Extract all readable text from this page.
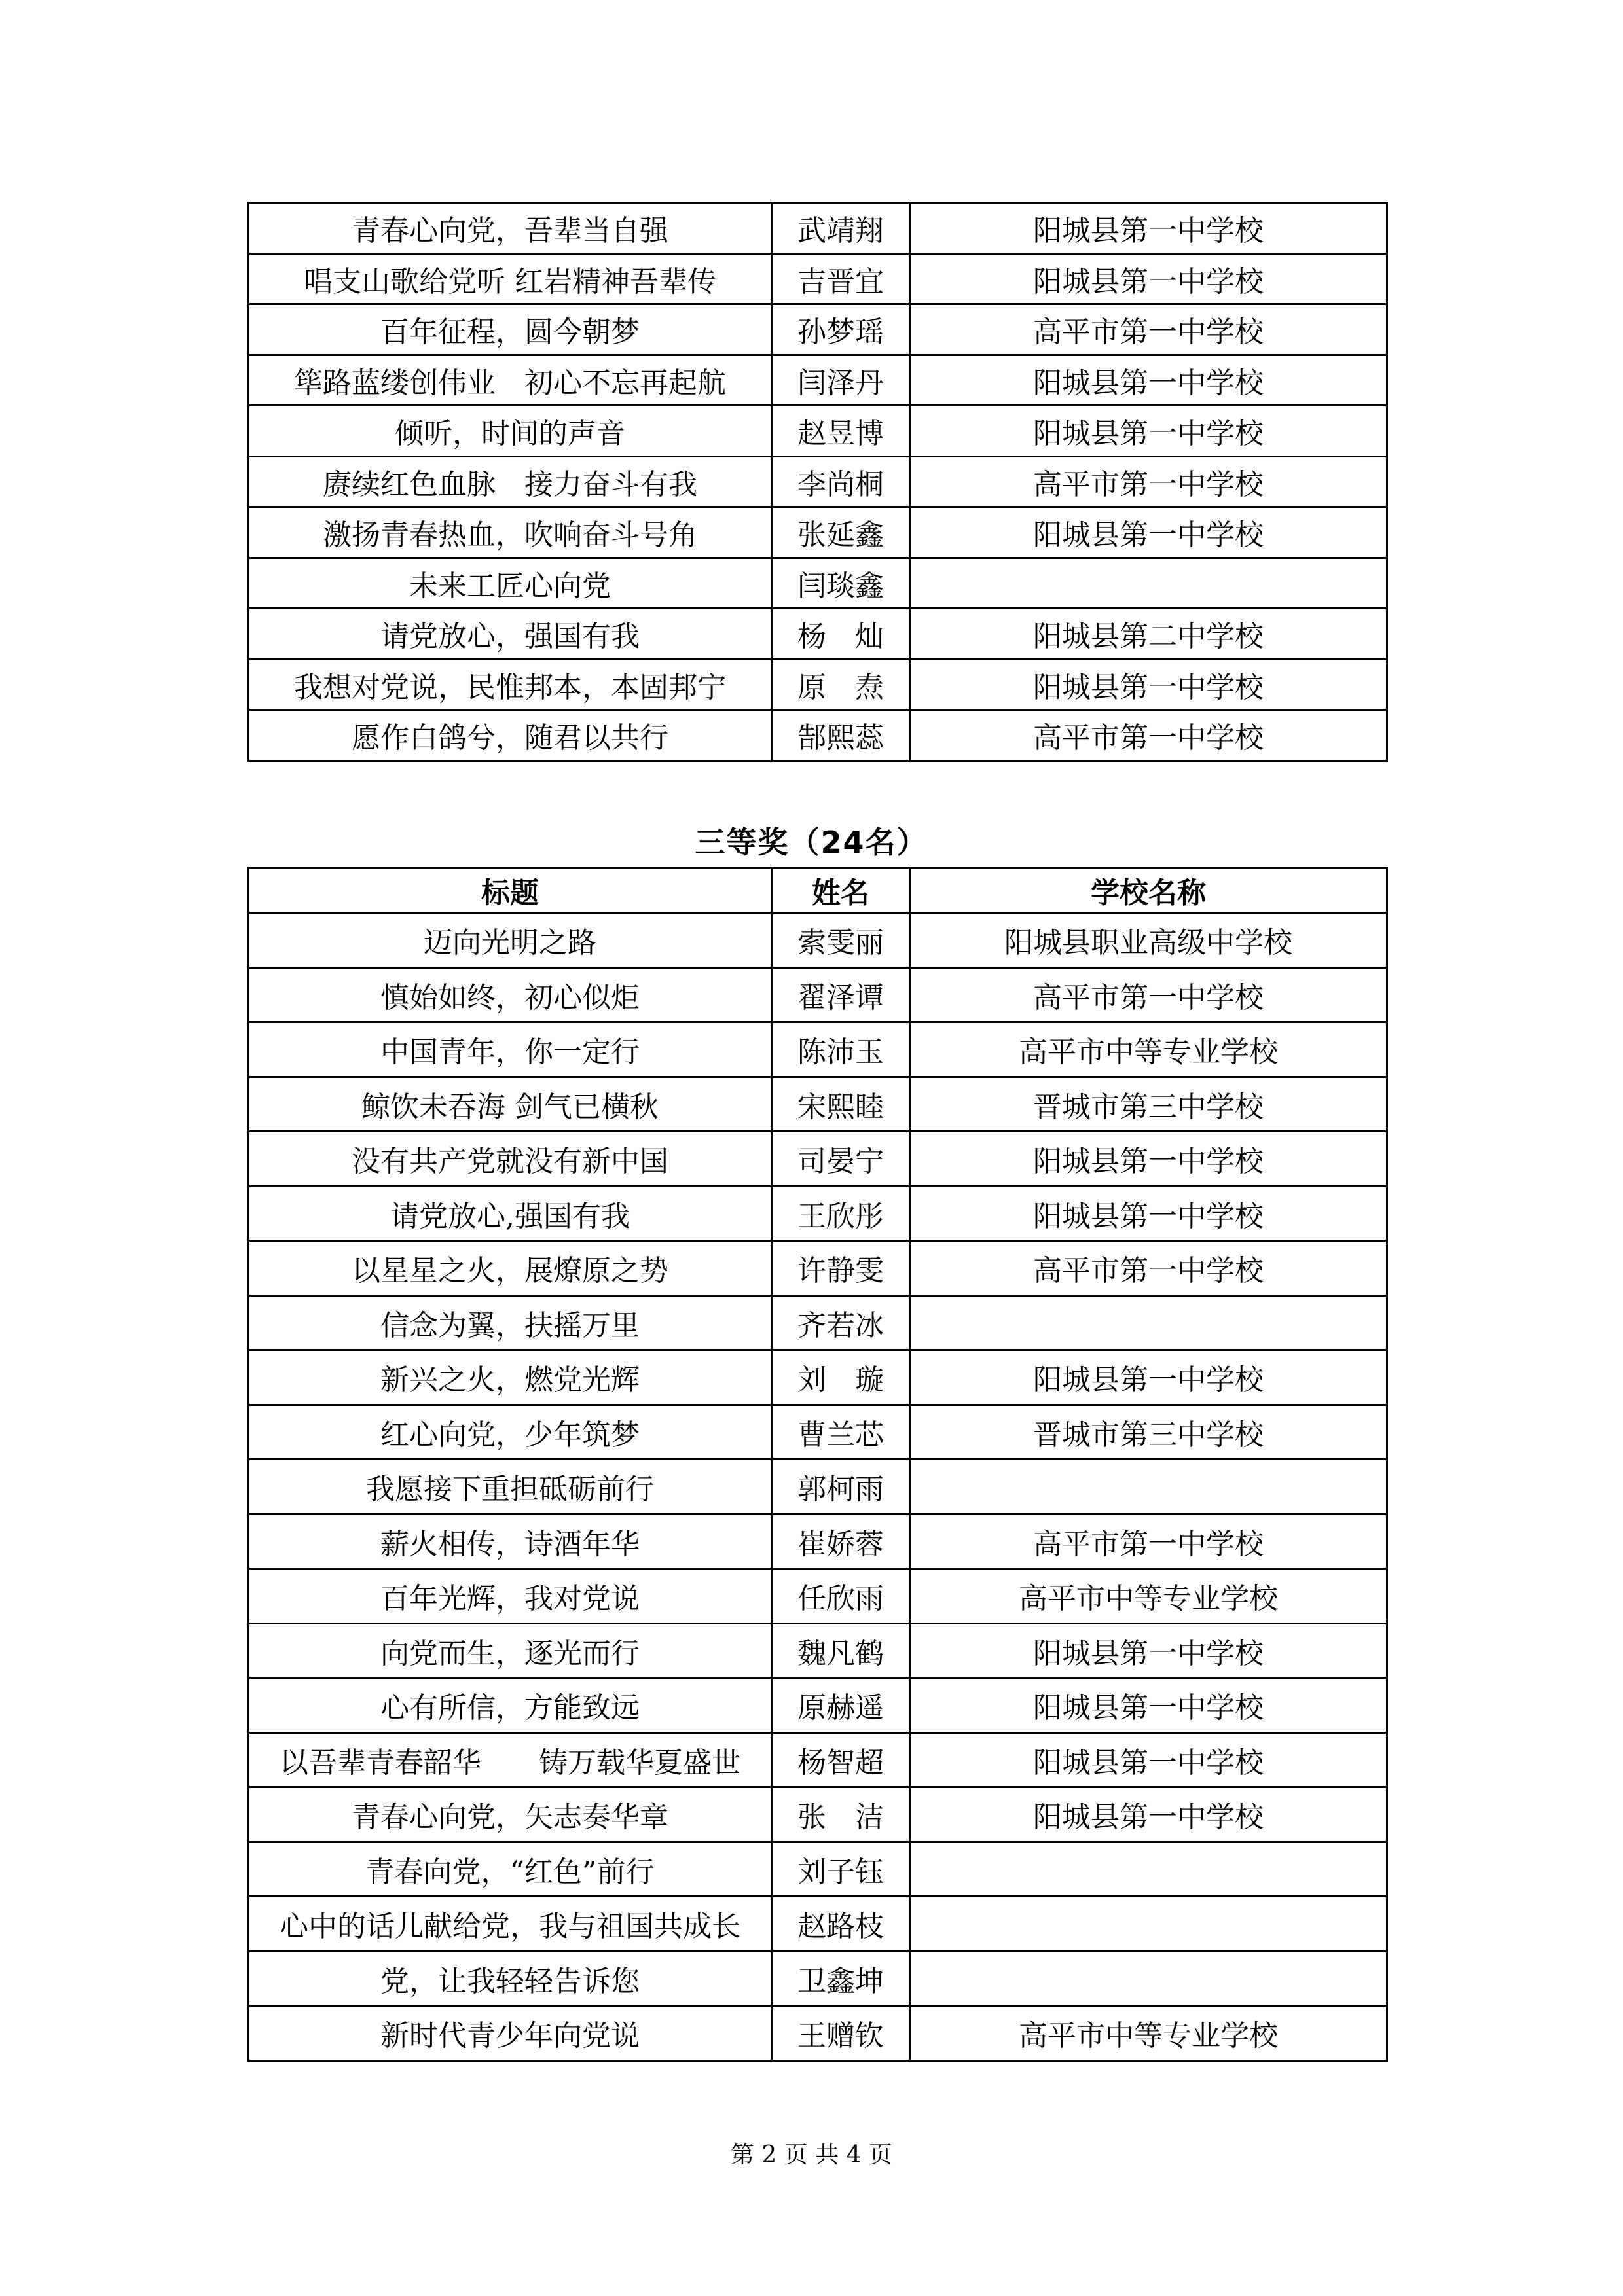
青春心向党，吾辈当自强	武靖翔	阳城县第一中学校
唱支山歌给党听 红岩精神吾辈传	吉晋宜	阳城县第一中学校
百年征程，圆今朝梦	孙梦瑶	高平市第一中学校
筚路蓝缕创伟业　初心不忘再起航	闫泽丹	阳城县第一中学校
倾听，时间的声音	赵昱博	阳城县第一中学校
赓续红色血脉　接力奋斗有我	李尚桐	高平市第一中学校
激扬青春热血，吹响奋斗号角	张延鑫	阳城县第一中学校
未来工匠心向党	闫琰鑫	
请党放心，强国有我	杨　灿	阳城县第二中学校
我想对党说，民惟邦本，本固邦宁	原　焘	阳城县第一中学校
愿作白鸽兮，随君以共行	郜熙蕊	高平市第一中学校
三等奖（24名）
标题	姓名	学校名称
迈向光明之路	索雯丽	阳城县职业高级中学校
慎始如终，初心似炬	翟泽谭	高平市第一中学校
中国青年，你一定行	陈沛玉	高平市中等专业学校
鲸饮未吞海 剑气已横秋	宋熙睦	晋城市第三中学校
没有共产党就没有新中国	司晏宁	阳城县第一中学校
请党放心,强国有我	王欣彤	阳城县第一中学校
以星星之火，展燎原之势	许静雯	高平市第一中学校
信念为翼，扶摇万里	齐若冰	
新兴之火，燃党光辉	刘　璇	阳城县第一中学校
红心向党，少年筑梦	曹兰芯	晋城市第三中学校
我愿接下重担砥砺前行	郭柯雨	
薪火相传，诗酒年华	崔娇蓉	高平市第一中学校
百年光辉，我对党说	任欣雨	高平市中等专业学校
向党而生，逐光而行	魏凡鹤	阳城县第一中学校
心有所信，方能致远	原赫遥	阳城县第一中学校
以吾辈青春韶华　　铸万载华夏盛世	杨智超	阳城县第一中学校
青春心向党，矢志奏华章	张　洁	阳城县第一中学校
青春向党，“红色”前行	刘子钰	
心中的话儿献给党，我与祖国共成长	赵路枝	
党，让我轻轻告诉您	卫鑫坤	
新时代青少年向党说	王赠钦	高平市中等专业学校
第 2 页 共 4 页
